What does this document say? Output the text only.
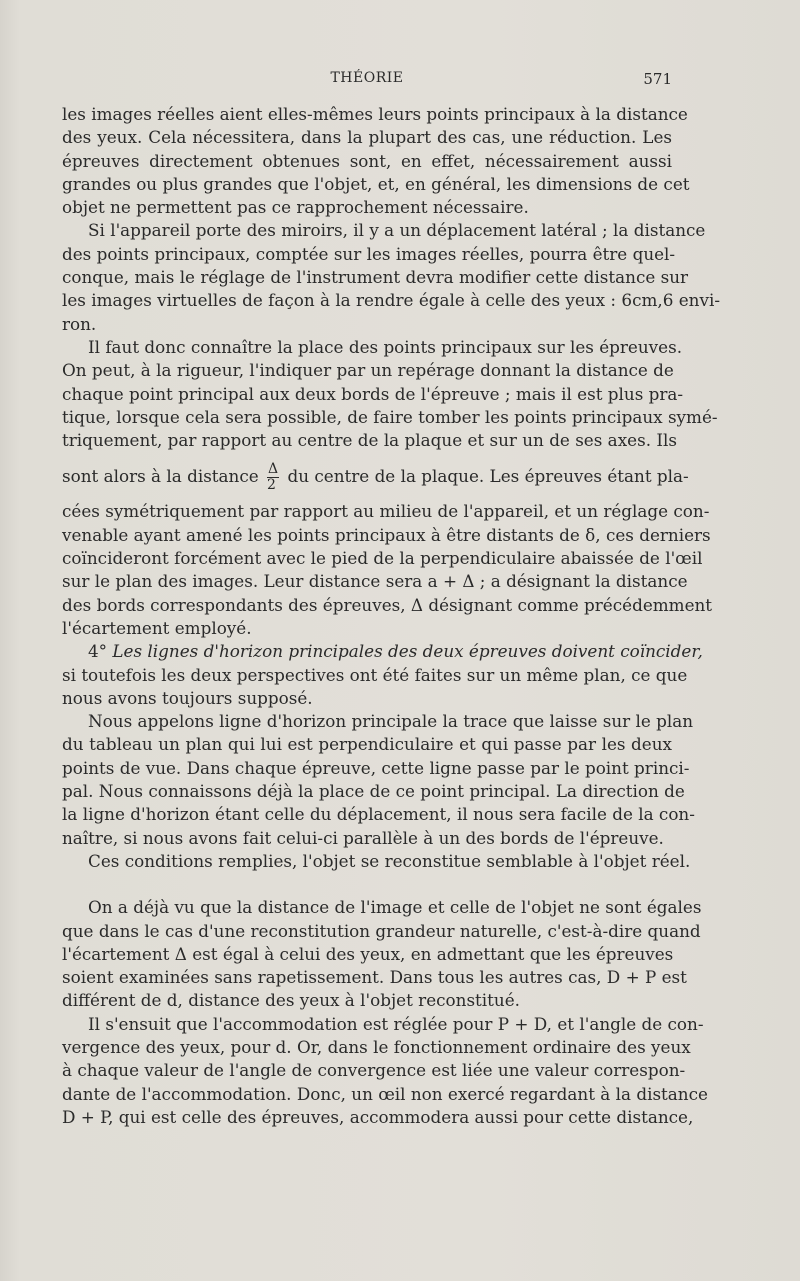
THÉORIE	571

les images réelles aient elles-mêmes leurs points principaux à la distance
des yeux. Cela nécessitera, dans la plupart des cas, une réduction. Les
épreuves directement obtenues sont, en effet, nécessairement aussi
grandes ou plus grandes que l'objet, et, en général, les dimensions de cet
objet ne permettent pas ce rapprochement nécessaire.

Si l'appareil porte des miroirs, il y a un déplacement latéral ; la distance
des points principaux, comptée sur les images réelles, pourra être quel-
conque, mais le réglage de l'instrument devra modifier cette distance sur
les images virtuelles de façon à la rendre égale à celle des yeux : 6cm,6 envi-
ron.

Il faut donc connaître la place des points principaux sur les épreuves.
On peut, à la rigueur, l'indiquer par un repérage donnant la distance de
chaque point principal aux deux bords de l'épreuve ; mais il est plus pra-
tique, lorsque cela sera possible, de faire tomber les points principaux symé-
triquement, par rapport au centre de la plaque et sur un de ses axes. Ils
sont alors à la distance $\frac{\Delta}{2}$ du centre de la plaque. Les épreuves étant pla-
cées symétriquement par rapport au milieu de l'appareil, et un réglage con-
venable ayant amené les points principaux à être distants de δ, ces derniers
coïncideront forcément avec le pied de la perpendiculaire abaissée de l'œil
sur le plan des images. Leur distance sera a + Δ ; a désignant la distance
des bords correspondants des épreuves, Δ désignant comme précédemment
l'écartement employé.

4° Les lignes d'horizon principales des deux épreuves doivent coïncider,
si toutefois les deux perspectives ont été faites sur un même plan, ce que
nous avons toujours supposé.

Nous appelons ligne d'horizon principale la trace que laisse sur le plan
du tableau un plan qui lui est perpendiculaire et qui passe par les deux
points de vue. Dans chaque épreuve, cette ligne passe par le point princi-
pal. Nous connaissons déjà la place de ce point principal. La direction de
la ligne d'horizon étant celle du déplacement, il nous sera facile de la con-
naître, si nous avons fait celui-ci parallèle à un des bords de l'épreuve.

Ces conditions remplies, l'objet se reconstitue semblable à l'objet réel.

On a déjà vu que la distance de l'image et celle de l'objet ne sont égales
que dans le cas d'une reconstitution grandeur naturelle, c'est-à-dire quand
l'écartement Δ est égal à celui des yeux, en admettant que les épreuves
soient examinées sans rapetissement. Dans tous les autres cas, D + P est
différent de d, distance des yeux à l'objet reconstitué.

Il s'ensuit que l'accommodation est réglée pour P + D, et l'angle de con-
vergence des yeux, pour d. Or, dans le fonctionnement ordinaire des yeux
à chaque valeur de l'angle de convergence est liée une valeur correspon-
dante de l'accommodation. Donc, un œil non exercé regardant à la distance
D + P, qui est celle des épreuves, accommodera aussi pour cette distance,
